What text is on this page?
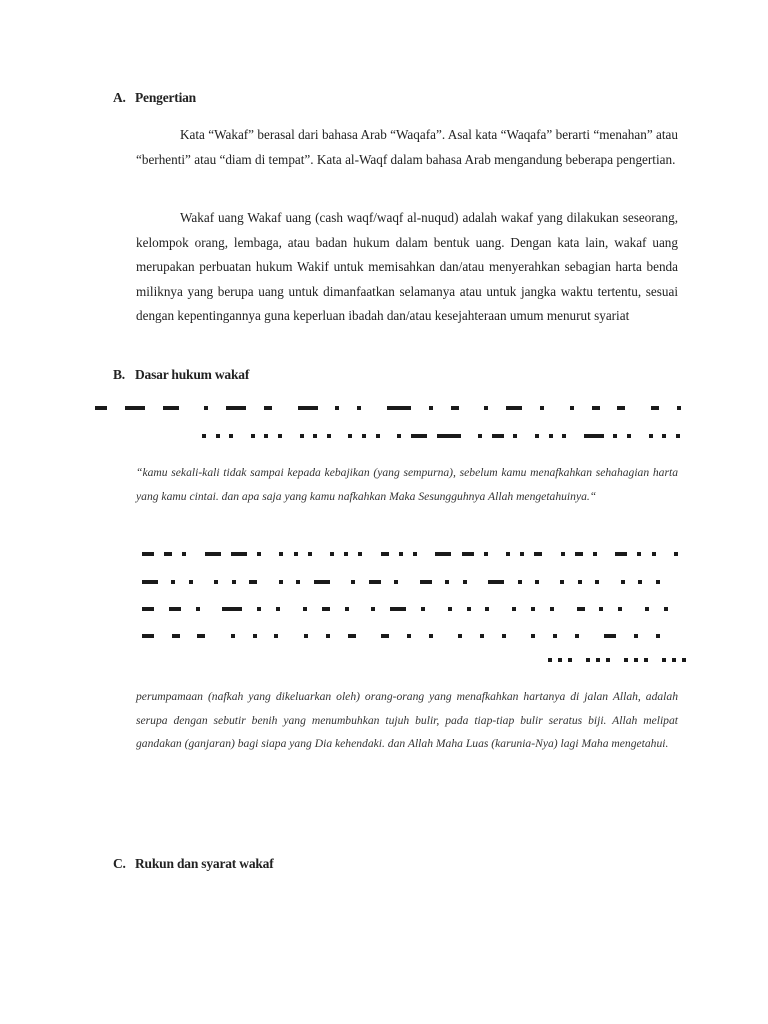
A. Pengertian

Kata “Wakaf” berasal dari bahasa Arab “Waqafa”. Asal kata “Waqafa” berarti “menahan” atau “berhenti” atau “diam di tempat”. Kata al-Waqf dalam bahasa Arab mengandung beberapa pengertian.

Wakaf uang Wakaf uang (cash waqf/waqf al-nuqud) adalah wakaf yang dilakukan seseorang, kelompok orang, lembaga, atau badan hukum dalam bentuk uang. Dengan kata lain, wakaf uang merupakan perbuatan hukum Wakif untuk memisahkan dan/atau menyerahkan sebagian harta benda miliknya yang berupa uang untuk dimanfaatkan selamanya atau untuk jangka waktu tertentu, sesuai dengan kepentingannya guna keperluan ibadah dan/atau kesejahteraan umum menurut syariat

B. Dasar hukum wakaf

“kamu sekali-kali tidak sampai kepada kebajikan (yang sempurna), sebelum kamu menafkahkan sehahagian harta yang kamu cintai. dan apa saja yang kamu nafkahkan Maka Sesungguhnya Allah mengetahuinya.“

perumpamaan (nafkah yang dikeluarkan oleh) orang-orang yang menafkahkan hartanya di jalan Allah, adalah serupa dengan sebutir benih yang menumbuhkan tujuh bulir, pada tiap-tiap bulir seratus biji. Allah melipat gandakan (ganjaran) bagi siapa yang Dia kehendaki. dan Allah Maha Luas (karunia-Nya) lagi Maha mengetahui.

C. Rukun dan syarat wakaf
